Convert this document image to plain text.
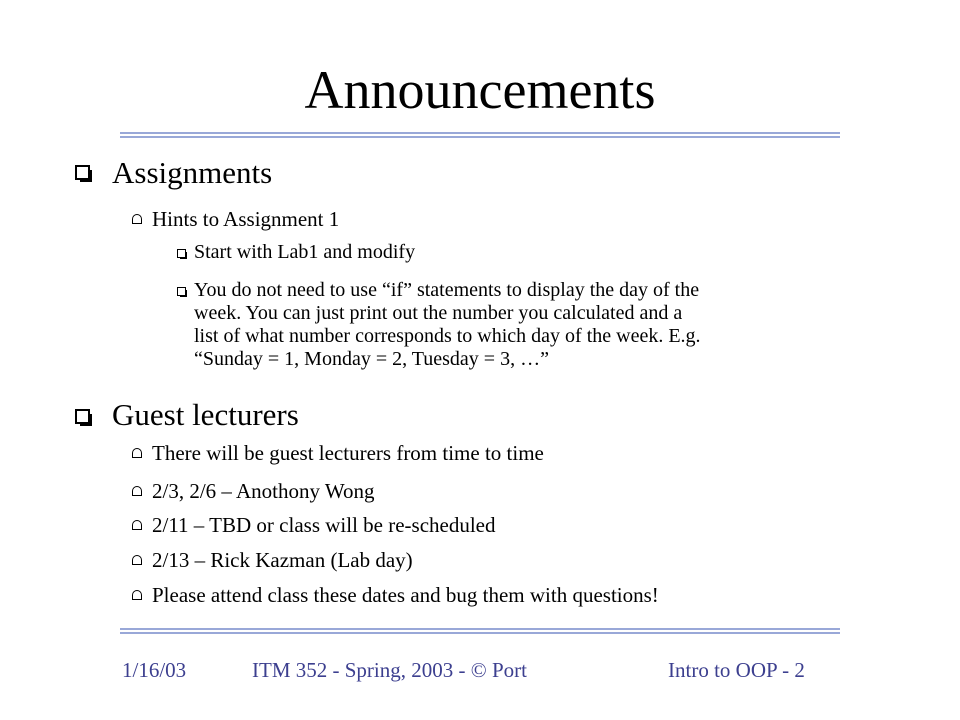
Announcements
Assignments
Hints to Assignment 1
Start with Lab1 and modify
You do not need to use “if” statements to display the day of the
week. You can just print out the number you calculated and a
list of what number corresponds to which day of the week. E.g.
“Sunday = 1, Monday = 2, Tuesday = 3, …”
Guest lecturers
There will be guest lecturers from time to time
2/3, 2/6 – Anothony Wong
2/11 – TBD or class will be re-scheduled
2/13 – Rick Kazman (Lab day)
Please attend class these dates and bug them with questions!
1/16/03	ITM 352 - Spring, 2003 - © Port	Intro to OOP - 2
